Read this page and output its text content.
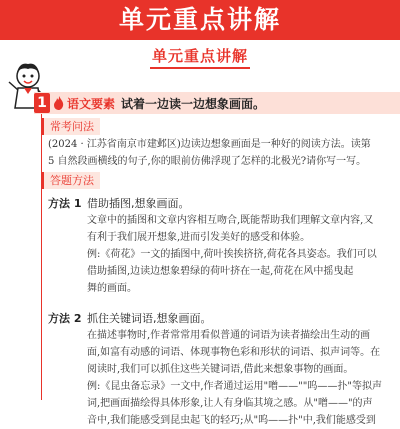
单元重点讲解
单元重点讲解
1 语文要素 试着一边读一边想象画面。
常考问法
(2024 · 江苏省南京市建邺区)边读边想象画面是一种好的阅读方法。读第
5 自然段画横线的句子,你的眼前仿佛浮现了怎样的北极光?请你写一写。
答题方法
方法 1 借助插图,想象画面。
文章中的插图和文章内容相互吻合,既能帮助我们理解文章内容,又
有利于我们展开想象,进而引发美好的感受和体验。
例:《荷花》一文的插图中,荷叶挨挨挤挤,荷花各具姿态。我们可以
借助插图,边读边想象碧绿的荷叶挤在一起,荷花在风中摇曳起
舞的画面。
方法 2 抓住关键词语,想象画面。
在描述事物时,作者常常用看似普通的词语为读者描绘出生动的画
面,如富有动感的词语、体现事物色彩和形状的词语、拟声词等。在
阅读时,我们可以抓住这些关键词语,借此来想象事物的画面。
例:《昆虫备忘录》一文中,作者通过运用"噌——""呜——扑"等拟声
词,把画面描绘得具体形象,让人有身临其境之感。从"噌——"的声
音中,我们能感受到昆虫起飞的轻巧;从"呜——扑"中,我们能感受到
